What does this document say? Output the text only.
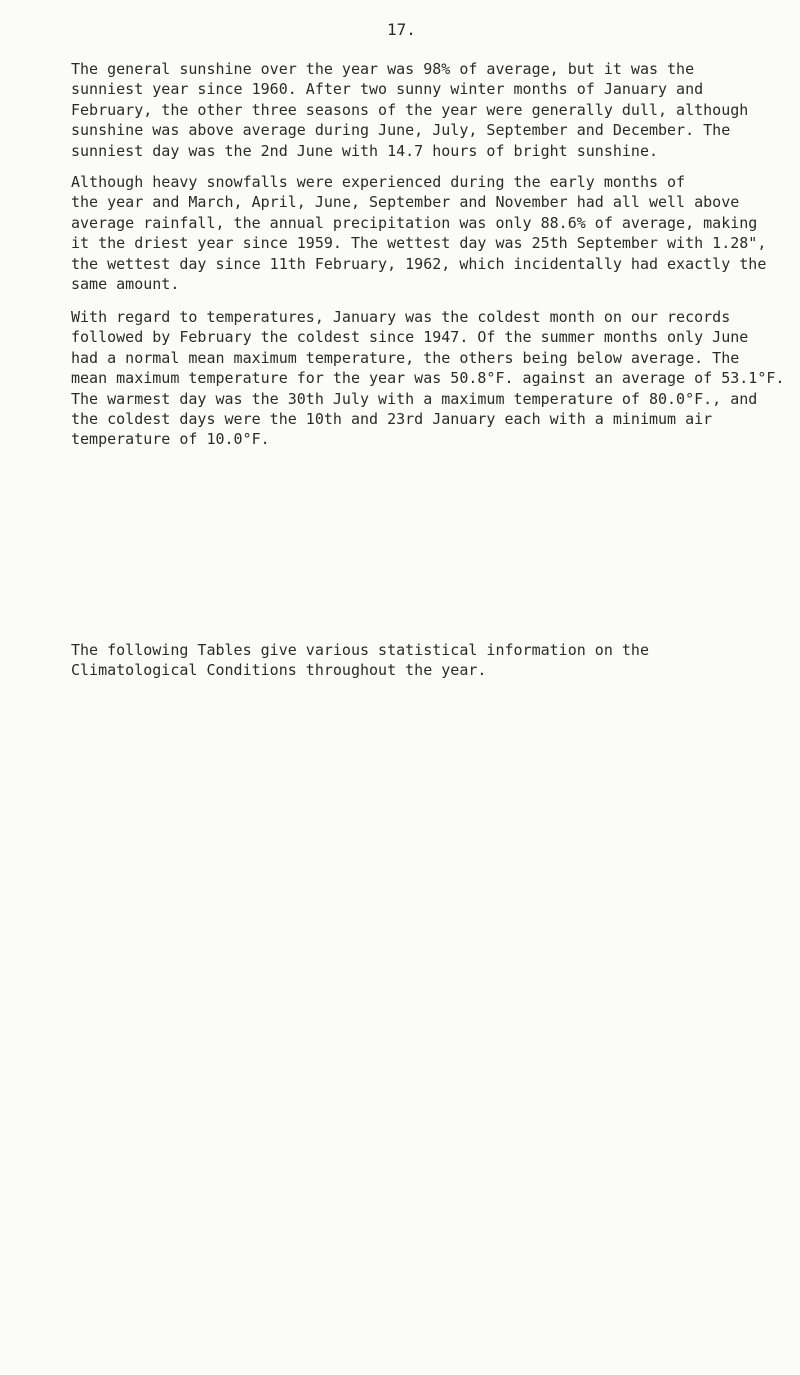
17.
The general sunshine over the year was 98% of average, but it was the
sunniest year since 1960. After two sunny winter months of January and
February, the other three seasons of the year were generally dull, although
sunshine was above average during June, July, September and December. The
sunniest day was the 2nd June with 14.7 hours of bright sunshine.
Although heavy snowfalls were experienced during the early months of
the year and March, April, June, September and November had all well above
average rainfall, the annual precipitation was only 88.6% of average, making
it the driest year since 1959. The wettest day was 25th September with 1.28",
the wettest day since 11th February, 1962, which incidentally had exactly the
same amount.
With regard to temperatures, January was the coldest month on our records
followed by February the coldest since 1947. Of the summer months only June
had a normal mean maximum temperature, the others being below average. The
mean maximum temperature for the year was 50.8°F. against an average of 53.1°F.
The warmest day was the 30th July with a maximum temperature of 80.0°F., and
the coldest days were the 10th and 23rd January each with a minimum air
temperature of 10.0°F.
The following Tables give various statistical information on the
Climatological Conditions throughout the year.
